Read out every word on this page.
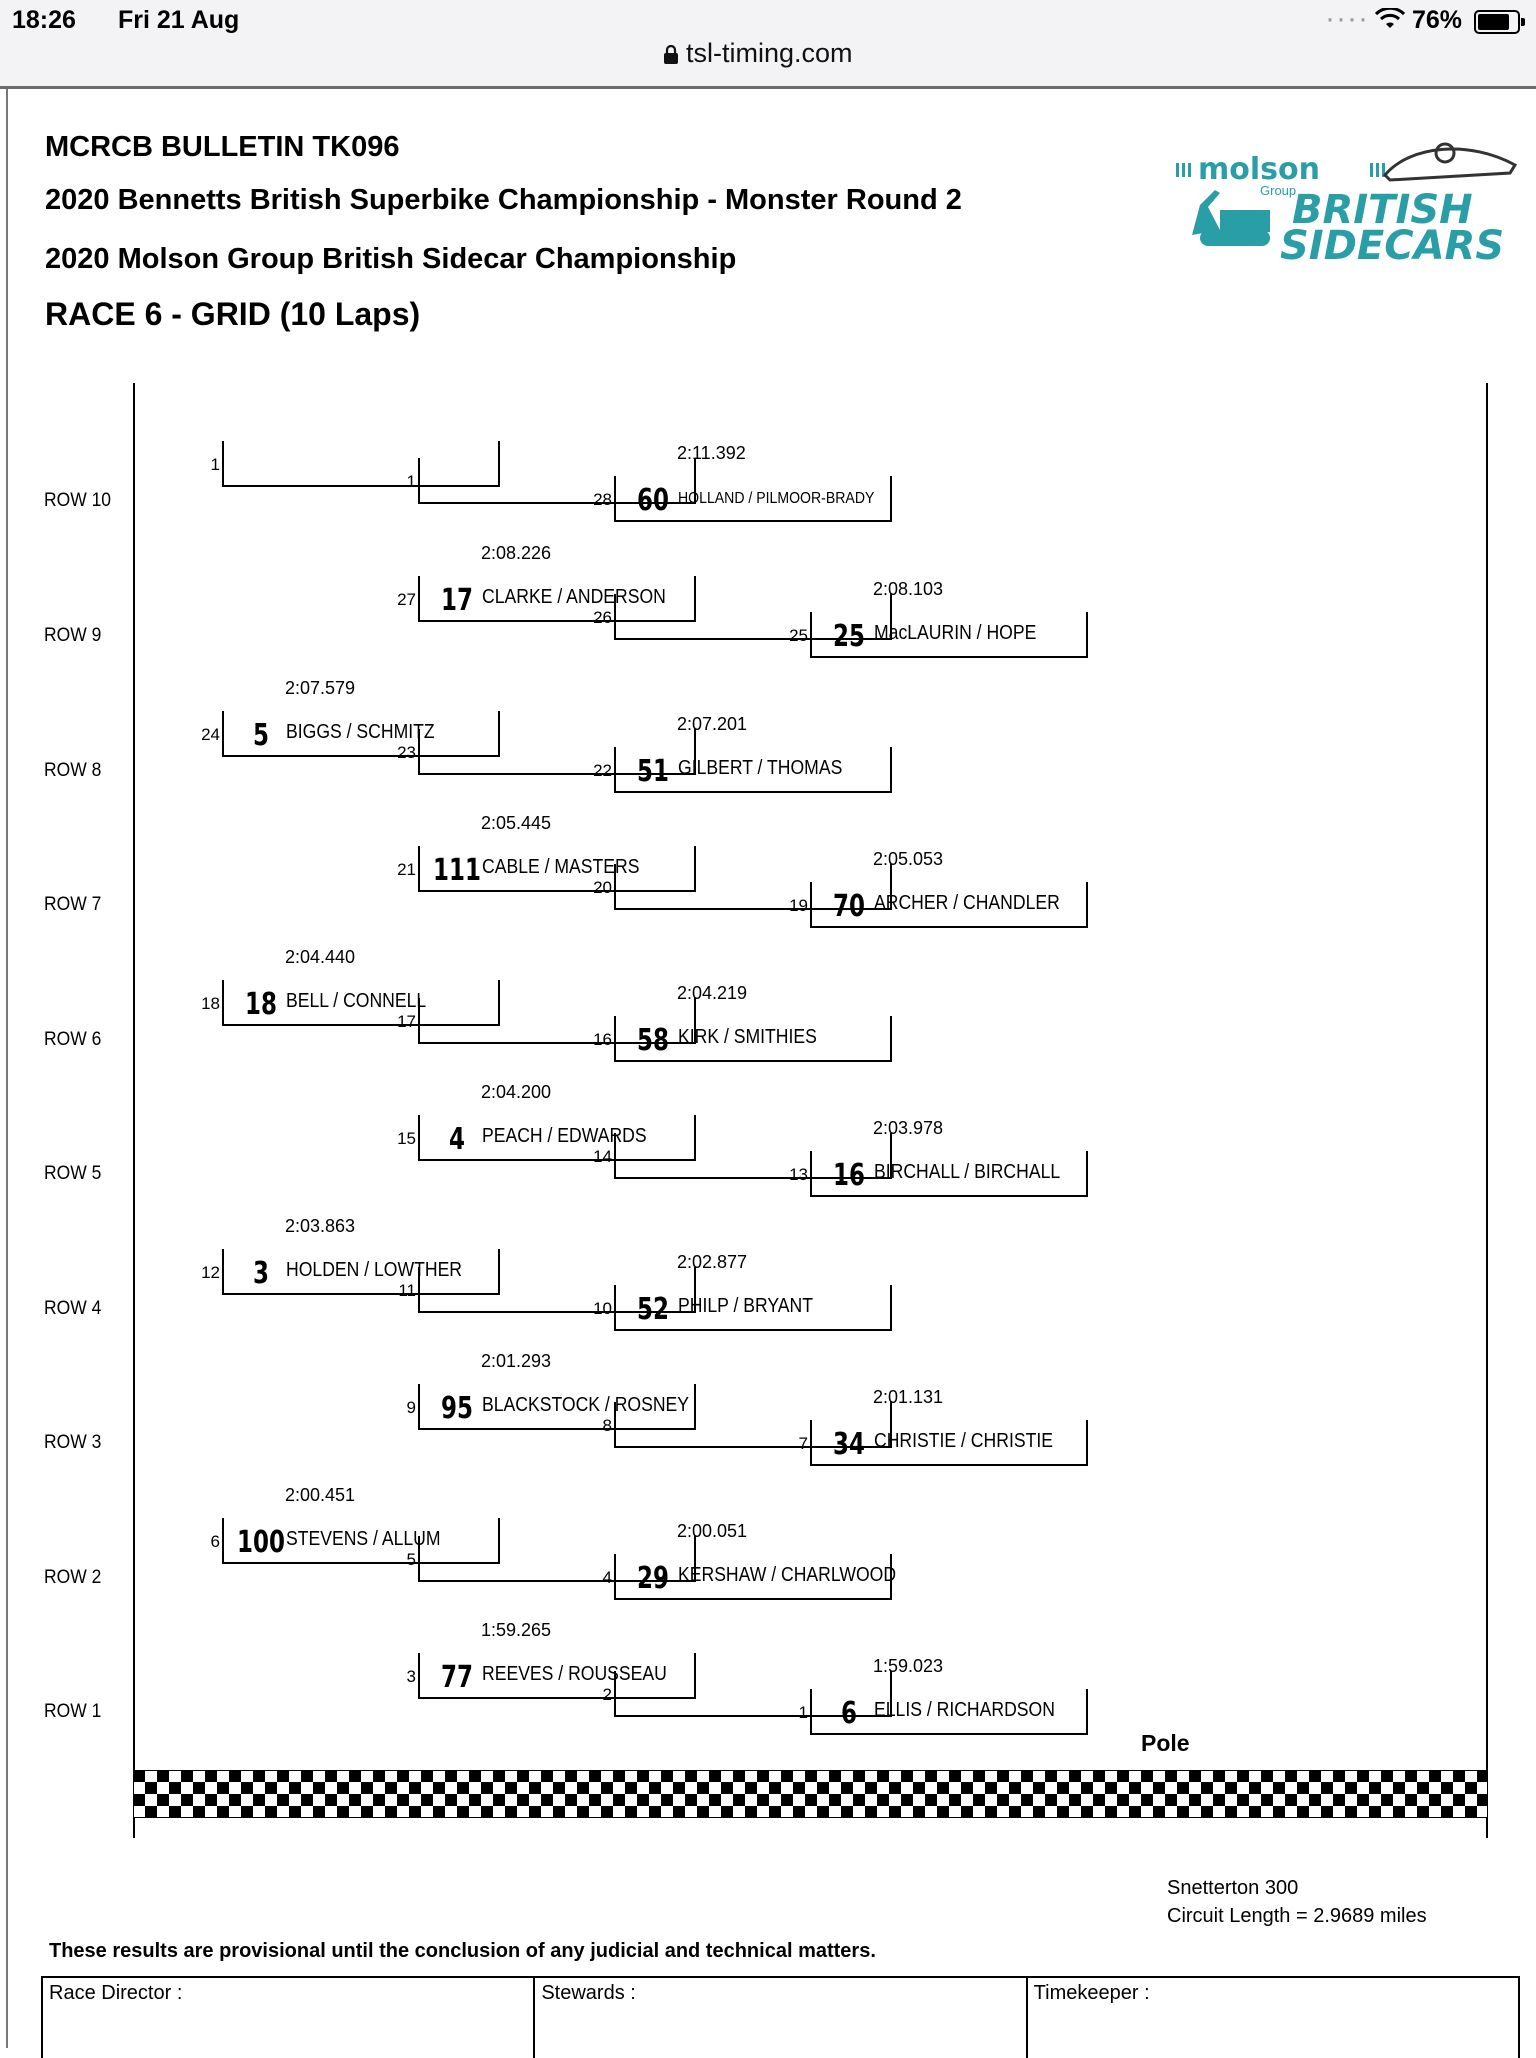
18:26 Fri 21 Aug	···· 76%
tsl-timing.com
MCRCB BULLETIN TK096
2020 Bennetts British Superbike Championship - Monster Round 2
2020 Molson Group British Sidecar Championship
RACE 6 - GRID (10 Laps)
molson
Group
BRITISH
SIDECARS
ROW 10
ROW 9
ROW 8
ROW 7
ROW 6
ROW 5
ROW 4
ROW 3
ROW 2
ROW 1
1
1
28
2:11.392
60 HOLLAND / PILMOOR-BRADY
27
2:08.226
17 CLARKE / ANDERSON
26
25
2:08.103
25 MacLAURIN / HOPE
24
2:07.579
5 BIGGS / SCHMITZ
23
22
2:07.201
51 GILBERT / THOMAS
21
2:05.445
111 CABLE / MASTERS
20
19
2:05.053
70 ARCHER / CHANDLER
18
2:04.440
18 BELL / CONNELL
17
16
2:04.219
58 KIRK / SMITHIES
15
2:04.200
4 PEACH / EDWARDS
14
13
2:03.978
16 BIRCHALL / BIRCHALL
12
2:03.863
3 HOLDEN / LOWTHER
11
10
2:02.877
52 PHILP / BRYANT
9
2:01.293
95 BLACKSTOCK / ROSNEY
8
7
2:01.131
34 CHRISTIE / CHRISTIE
6
2:00.451
100 STEVENS / ALLUM
5
4
2:00.051
29 KERSHAW / CHARLWOOD
3
1:59.265
77 REEVES / ROUSSEAU
2
1
1:59.023
6 ELLIS / RICHARDSON
Pole
Snetterton 300
Circuit Length = 2.9689 miles
These results are provisional until the conclusion of any judicial and technical matters.
Race Director :	Stewards :	Timekeeper :
